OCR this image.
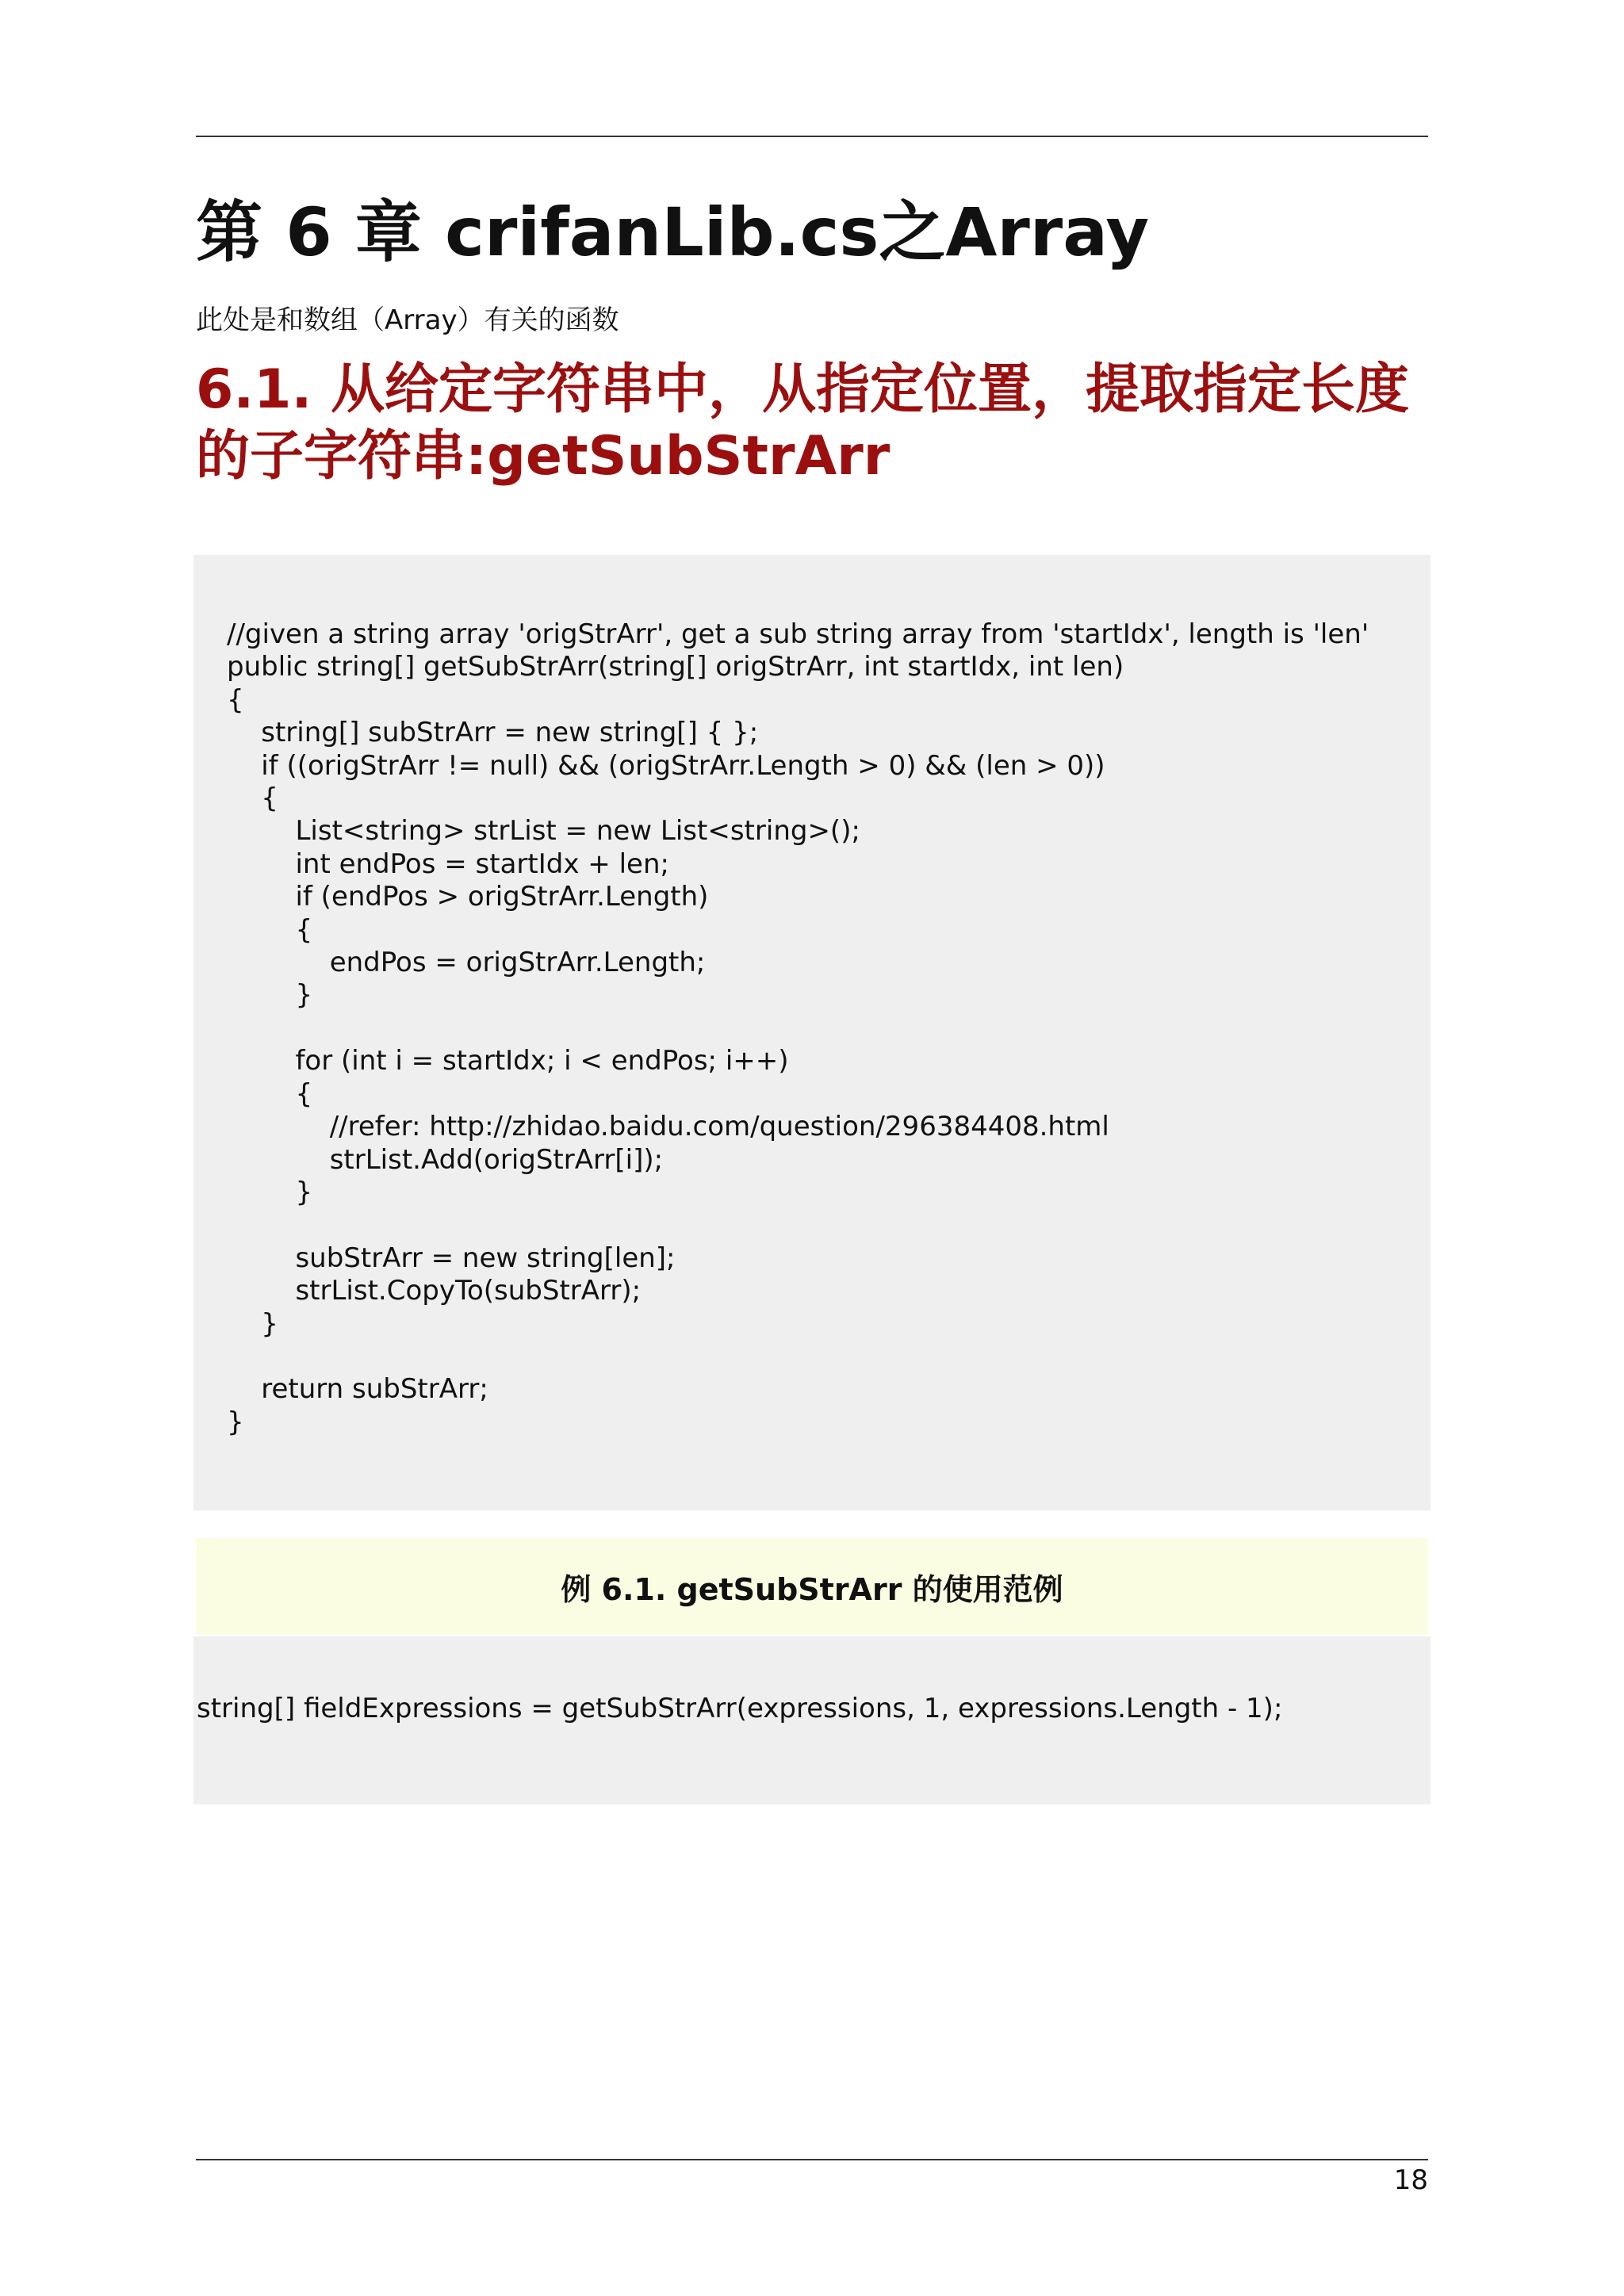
第 6 章 crifanLib.cs之Array

此处是和数组（Array）有关的函数

6.1. 从给定字符串中，从指定位置，提取指定长度的子字符串:getSubStrArr
//given a string array 'origStrArr', get a sub string array from 'startIdx', length is 'len'
public string[] getSubStrArr(string[] origStrArr, int startIdx, int len)
{
string[] subStrArr = new string[] { };
if ((origStrArr != null) && (origStrArr.Length > 0) && (len > 0))
{
List<string> strList = new List<string>();
int endPos = startIdx + len;
if (endPos > origStrArr.Length)
{
endPos = origStrArr.Length;
}

for (int i = startIdx; i < endPos; i++)
{
//refer: http://zhidao.baidu.com/question/296384408.html
strList.Add(origStrArr[i]);
}

subStrArr = new string[len];
strList.CopyTo(subStrArr);
}

return subStrArr;
}
例 6.1. getSubStrArr 的使用范例
string[] fieldExpressions = getSubStrArr(expressions, 1, expressions.Length - 1);
18
